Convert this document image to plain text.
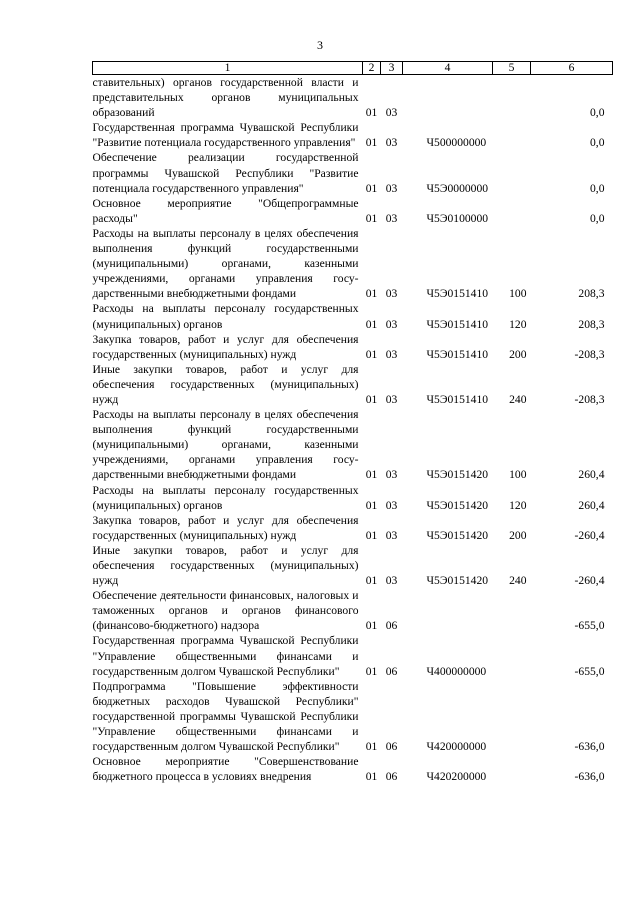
3
1	2	3	4	5	6
ставительных) органов государственной власти и представительных органов муниципальных образований	01	03			0,0
Государственная программа Чувашской Республики "Развитие потенциала государственного управления"	01	03	Ч500000000		0,0
Обеспечение реализации государственной программы Чувашской Республики "Развитие потенциала государственного управления"	01	03	Ч5Э0000000		0,0
Основное мероприятие "Общепрограммные расходы"	01	03	Ч5Э0100000		0,0
Расходы на выплаты персоналу в целях обеспечения выполнения функций государственными (муниципальными) органами, казенными учреждениями, органами управления государственными внебюджетными фондами	01	03	Ч5Э0151410	100	208,3
Расходы на выплаты персоналу государственных (муниципальных) органов	01	03	Ч5Э0151410	120	208,3
Закупка товаров, работ и услуг для обеспечения государственных (муниципальных) нужд	01	03	Ч5Э0151410	200	-208,3
Иные закупки товаров, работ и услуг для обеспечения государственных (муниципальных) нужд	01	03	Ч5Э0151410	240	-208,3
Расходы на выплаты персоналу в целях обеспечения выполнения функций государственными (муниципальными) органами, казенными учреждениями, органами управления государственными внебюджетными фондами	01	03	Ч5Э0151420	100	260,4
Расходы на выплаты персоналу государственных (муниципальных) органов	01	03	Ч5Э0151420	120	260,4
Закупка товаров, работ и услуг для обеспечения государственных (муниципальных) нужд	01	03	Ч5Э0151420	200	-260,4
Иные закупки товаров, работ и услуг для обеспечения государственных (муниципальных) нужд	01	03	Ч5Э0151420	240	-260,4
Обеспечение деятельности финансовых, налоговых и таможенных органов и органов финансового (финансово-бюджетного) надзора	01	06			-655,0
Государственная программа Чувашской Республики "Управление общественными финансами и государственным долгом Чувашской Республики"	01	06	Ч400000000		-655,0
Подпрограмма "Повышение эффективности бюджетных расходов Чувашской Республики" государственной программы Чувашской Республики "Управление общественными финансами и государственным долгом Чувашской Республики"	01	06	Ч420000000		-636,0
Основное мероприятие "Совершенствование бюджетного процесса в условиях внедрения	01	06	Ч420200000		-636,0
